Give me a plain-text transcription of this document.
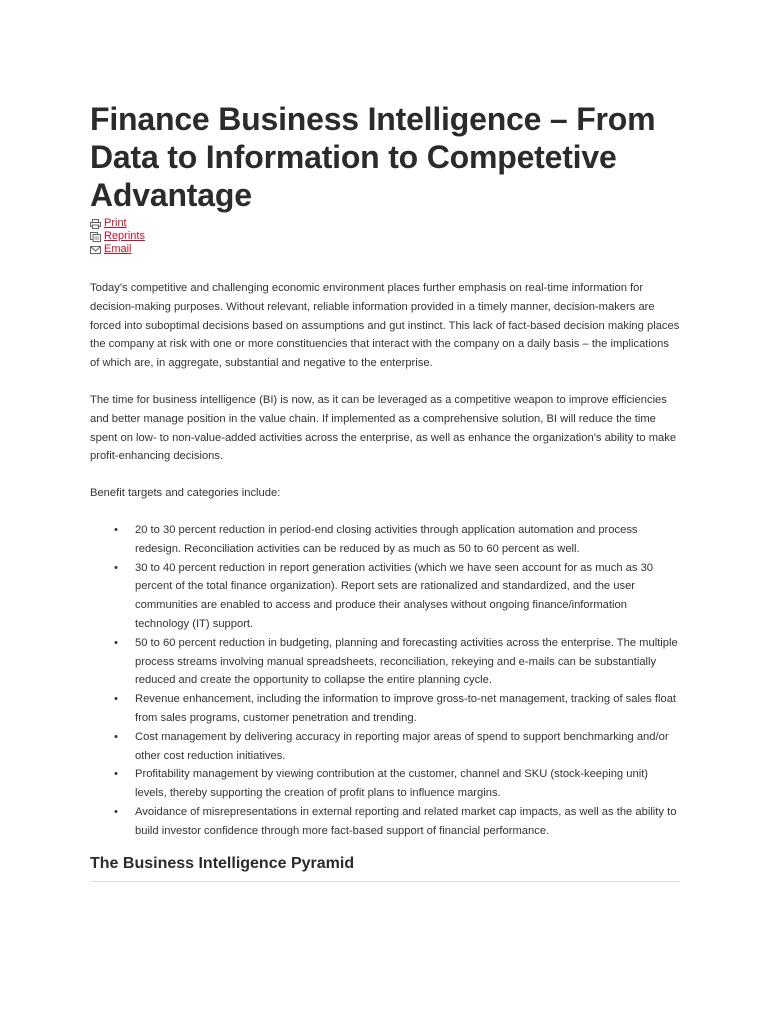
Finance Business Intelligence – From Data to Information to Competetive Advantage
Print
Reprints
Email

Today's competitive and challenging economic environment places further emphasis on real-time information for decision-making purposes. Without relevant, reliable information provided in a timely manner, decision-makers are forced into suboptimal decisions based on assumptions and gut instinct. This lack of fact-based decision making places the company at risk with one or more constituencies that interact with the company on a daily basis – the implications of which are, in aggregate, substantial and negative to the enterprise.

The time for business intelligence (BI) is now, as it can be leveraged as a competitive weapon to improve efficiencies and better manage position in the value chain. If implemented as a comprehensive solution, BI will reduce the time spent on low- to non-value-added activities across the enterprise, as well as enhance the organization's ability to make profit-enhancing decisions.

Benefit targets and categories include:

• 20 to 30 percent reduction in period-end closing activities through application automation and process redesign. Reconciliation activities can be reduced by as much as 50 to 60 percent as well.
• 30 to 40 percent reduction in report generation activities (which we have seen account for as much as 30 percent of the total finance organization). Report sets are rationalized and standardized, and the user communities are enabled to access and produce their analyses without ongoing finance/information technology (IT) support.
• 50 to 60 percent reduction in budgeting, planning and forecasting activities across the enterprise. The multiple process streams involving manual spreadsheets, reconciliation, rekeying and e-mails can be substantially reduced and create the opportunity to collapse the entire planning cycle.
• Revenue enhancement, including the information to improve gross-to-net management, tracking of sales float from sales programs, customer penetration and trending.
• Cost management by delivering accuracy in reporting major areas of spend to support benchmarking and/or other cost reduction initiatives.
• Profitability management by viewing contribution at the customer, channel and SKU (stock-keeping unit) levels, thereby supporting the creation of profit plans to influence margins.
• Avoidance of misrepresentations in external reporting and related market cap impacts, as well as the ability to build investor confidence through more fact-based support of financial performance.
The Business Intelligence Pyramid
